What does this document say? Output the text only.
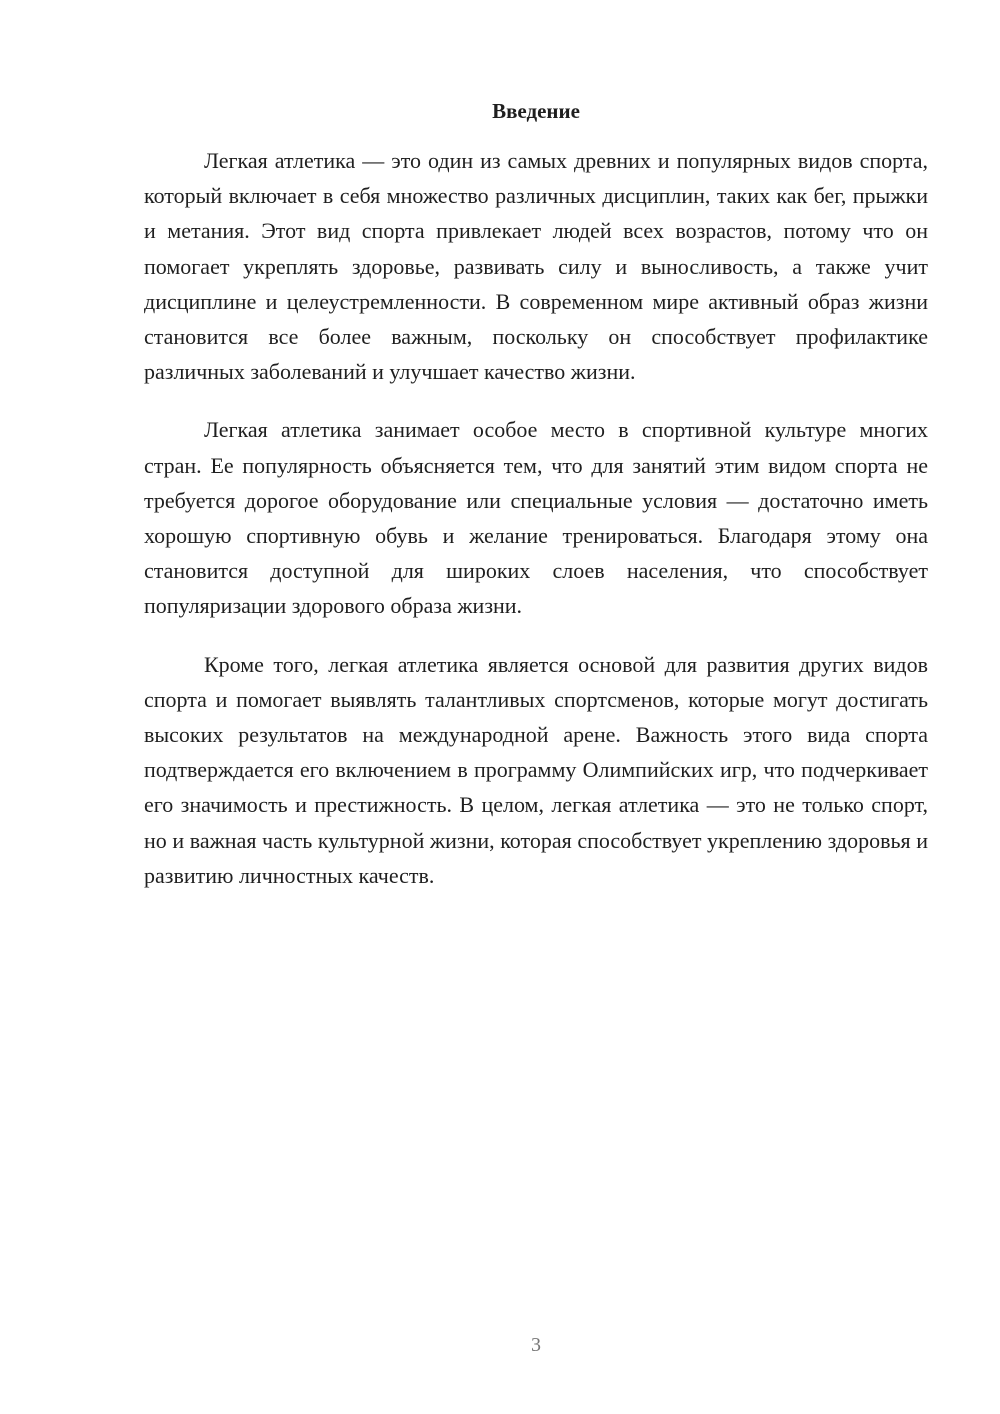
Введение

Легкая атлетика — это один из самых древних и популярных видов спорта, который включает в себя множество различных дисциплин, таких как бег, прыжки и метания. Этот вид спорта привлекает людей всех возрастов, потому что он помогает укреплять здоровье, развивать силу и выносливость, а также учит дисциплине и целеустремленности. В современном мире активный образ жизни становится все более важным, поскольку он способствует профилактике различных заболеваний и улучшает качество жизни.

Легкая атлетика занимает особое место в спортивной культуре многих стран. Ее популярность объясняется тем, что для занятий этим видом спорта не требуется дорогое оборудование или специальные условия — достаточно иметь хорошую спортивную обувь и желание тренироваться. Благодаря этому она становится доступной для широких слоев населения, что способствует популяризации здорового образа жизни.

Кроме того, легкая атлетика является основой для развития других видов спорта и помогает выявлять талантливых спортсменов, которые могут достигать высоких результатов на международной арене. Важность этого вида спорта подтверждается его включением в программу Олимпийских игр, что подчеркивает его значимость и престижность. В целом, легкая атлетика — это не только спорт, но и важная часть культурной жизни, которая способствует укреплению здоровья и развитию личностных качеств.

3
